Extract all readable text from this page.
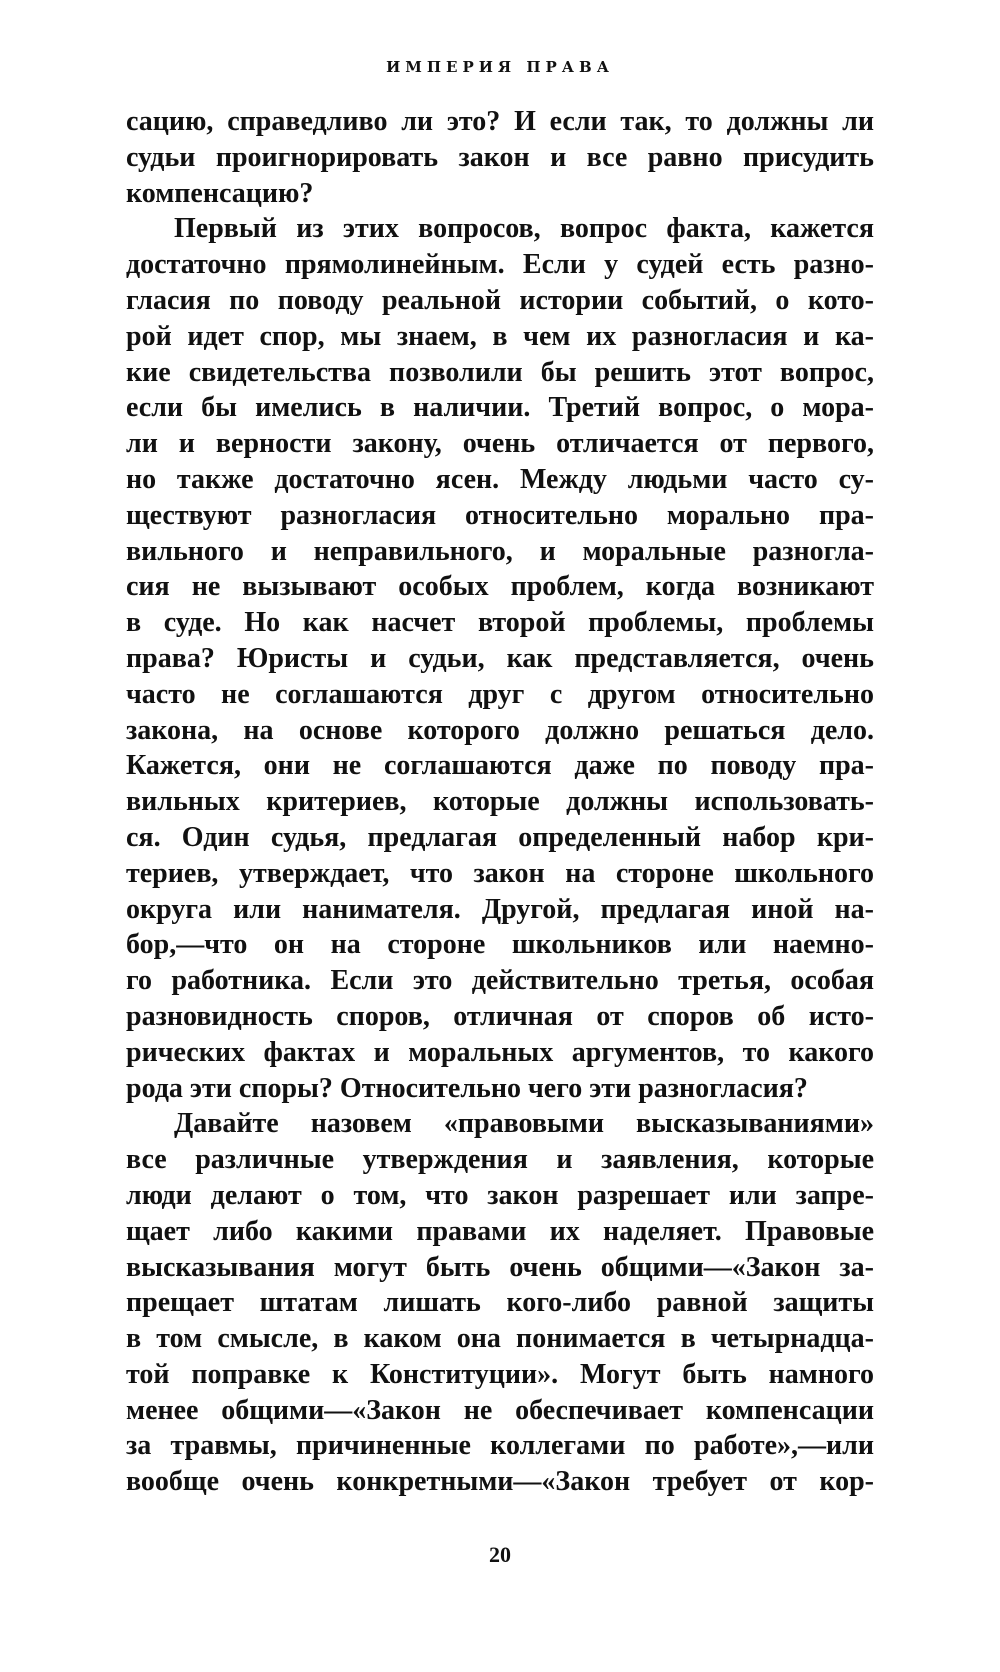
ИМПЕРИЯ ПРАВА
сацию, справедливо ли это? И если так, то должны ли
судьи проигнорировать закон и все равно присудить
компенсацию?
Первый из этих вопросов, вопрос факта, кажется
достаточно прямолинейным. Если у судей есть разно-
гласия по поводу реальной истории событий, о кото-
рой идет спор, мы знаем, в чем их разногласия и ка-
кие свидетельства позволили бы решить этот вопрос,
если бы имелись в наличии. Третий вопрос, о мора-
ли и верности закону, очень отличается от первого,
но также достаточно ясен. Между людьми часто су-
ществуют разногласия относительно морально пра-
вильного и неправильного, и моральные разногла-
сия не вызывают особых проблем, когда возникают
в суде. Но как насчет второй проблемы, проблемы
права? Юристы и судьи, как представляется, очень
часто не соглашаются друг с другом относительно
закона, на основе которого должно решаться дело.
Кажется, они не соглашаются даже по поводу пра-
вильных критериев, которые должны использовать-
ся. Один судья, предлагая определенный набор кри-
териев, утверждает, что закон на стороне школьного
округа или нанимателя. Другой, предлагая иной на-
бор,—что он на стороне школьников или наемно-
го работника. Если это действительно третья, особая
разновидность споров, отличная от споров об исто-
рических фактах и моральных аргументов, то какого
рода эти споры? Относительно чего эти разногласия?
Давайте назовем «правовыми высказываниями»
все различные утверждения и заявления, которые
люди делают о том, что закон разрешает или запре-
щает либо какими правами их наделяет. Правовые
высказывания могут быть очень общими—«Закон за-
прещает штатам лишать кого-либо равной защиты
в том смысле, в каком она понимается в четырнадца-
той поправке к Конституции». Могут быть намного
менее общими—«Закон не обеспечивает компенсации
за травмы, причиненные коллегами по работе»,—или
вообще очень конкретными—«Закон требует от кор-
20
